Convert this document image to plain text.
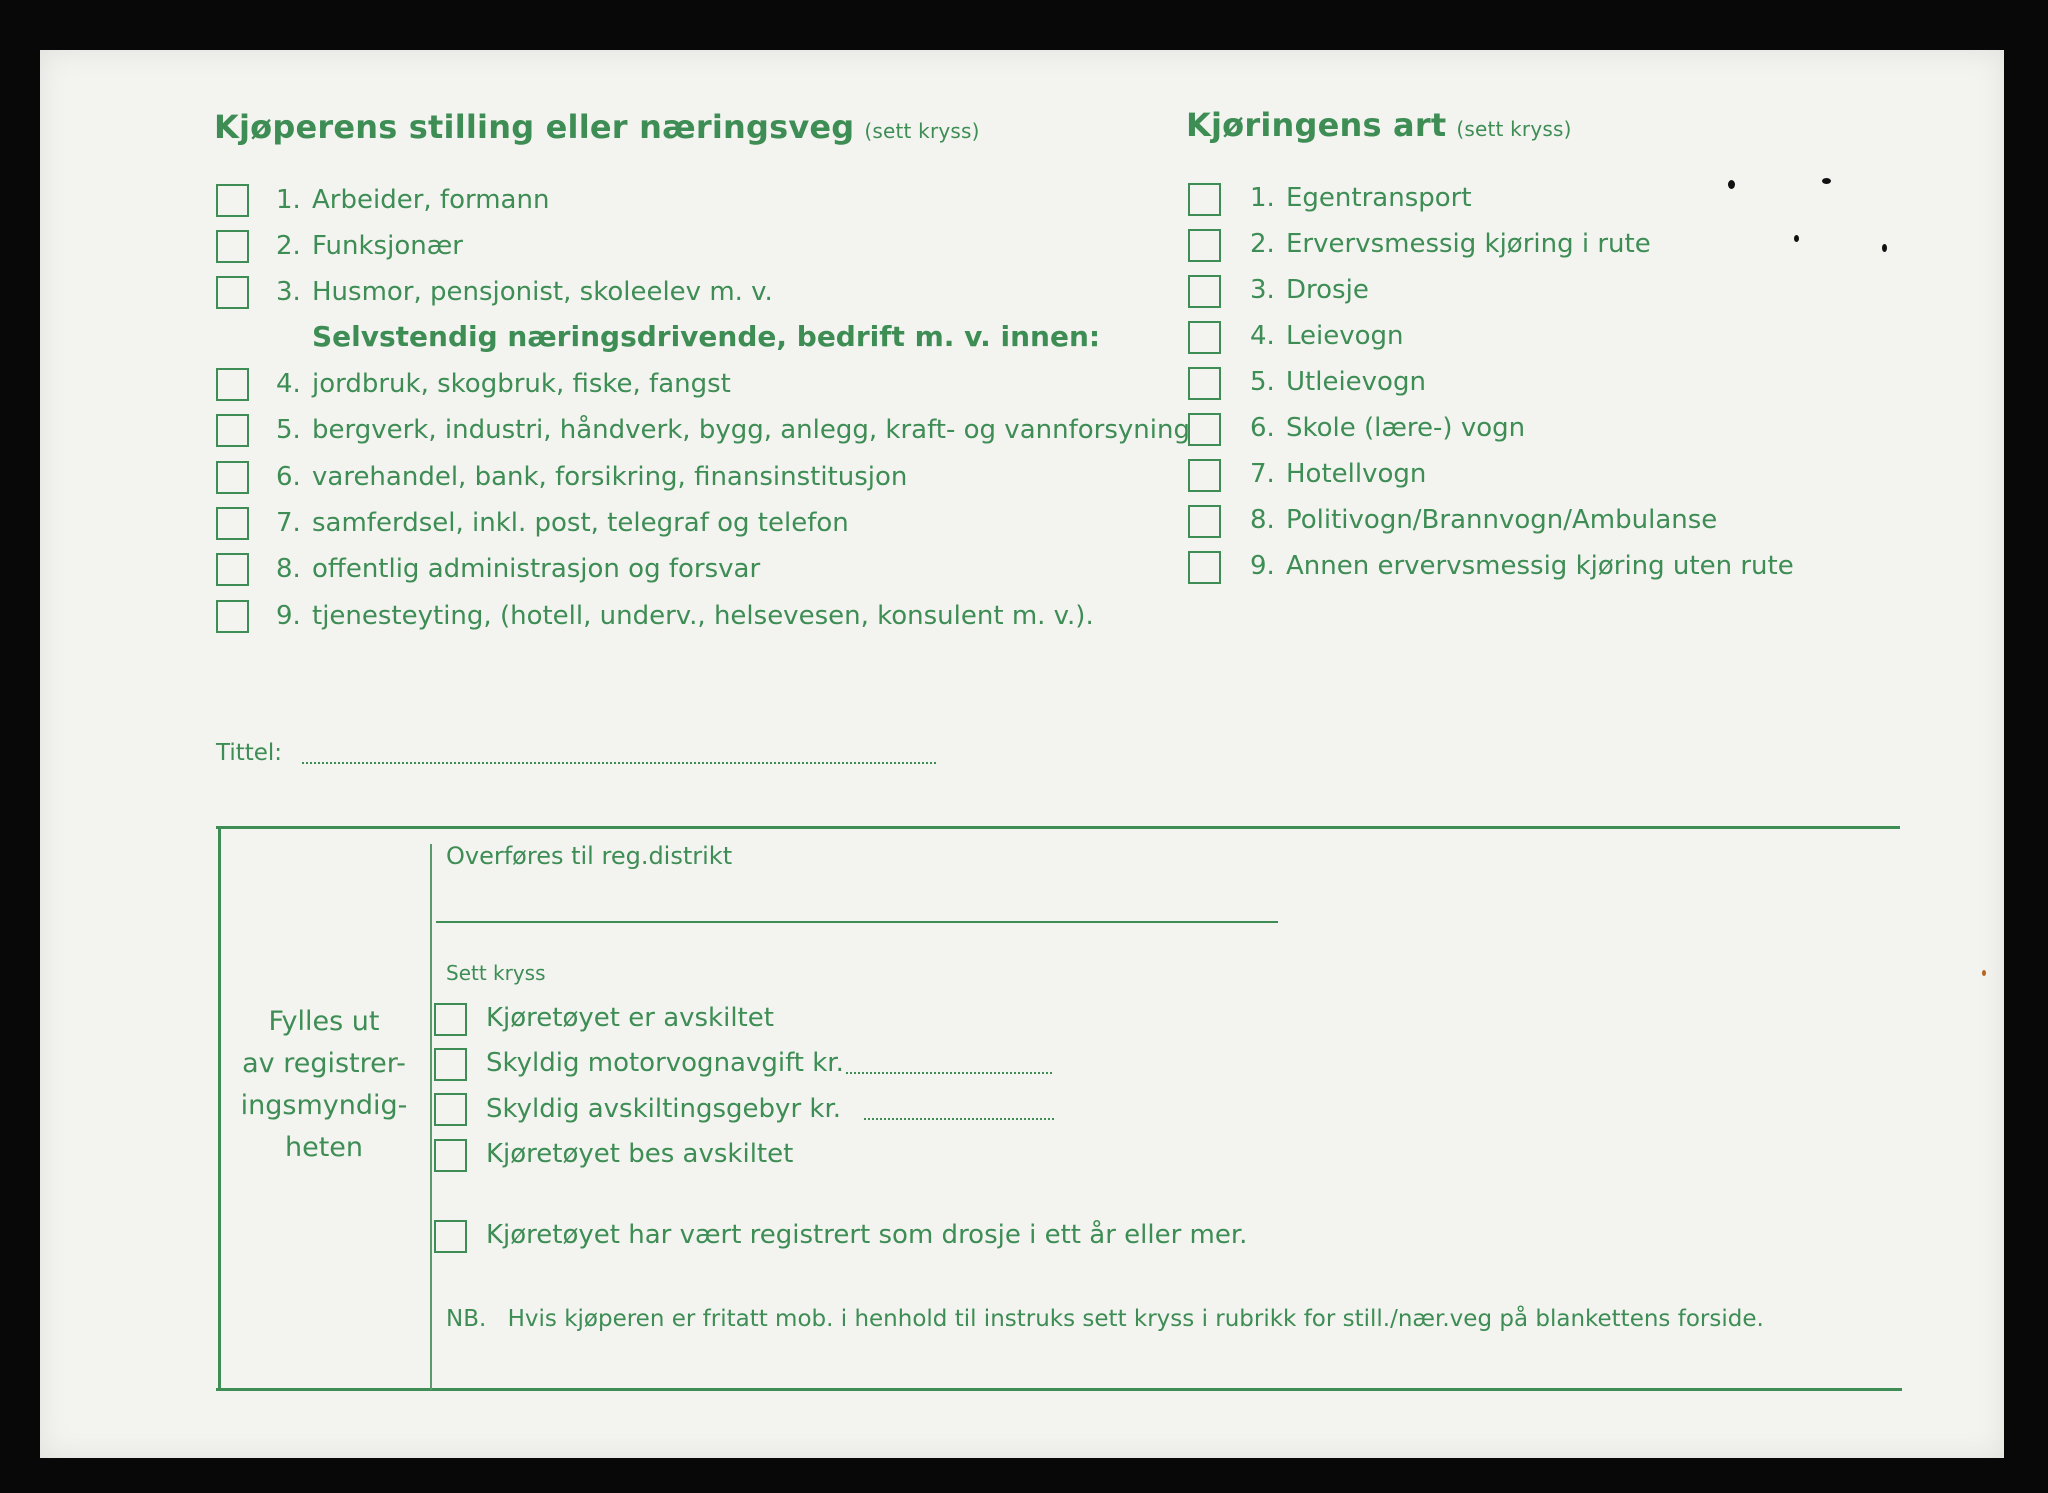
Kjøperens stilling eller næringsveg (sett kryss)
1. Arbeider, formann
2. Funksjonær
3. Husmor, pensjonist, skoleelev m. v.
Selvstendig næringsdrivende, bedrift m. v. innen:
4. jordbruk, skogbruk, fiske, fangst
5. bergverk, industri, håndverk, bygg, anlegg, kraft- og vannforsyning
6. varehandel, bank, forsikring, finansinstitusjon
7. samferdsel, inkl. post, telegraf og telefon
8. offentlig administrasjon og forsvar
9. tjenesteyting, (hotell, underv., helsevesen, konsulent m. v.).
Kjøringens art (sett kryss)
1. Egentransport
2. Ervervsmessig kjøring i rute
3. Drosje
4. Leievogn
5. Utleievogn
6. Skole (lære-) vogn
7. Hotellvogn
8. Politivogn/Brannvogn/Ambulanse
9. Annen ervervsmessig kjøring uten rute
Tittel:
Fylles ut
av registrer-
ingsmyndig-
heten
Overføres til reg.distrikt
Sett kryss
Kjøretøyet er avskiltet
Skyldig motorvognavgift kr.
Skyldig avskiltingsgebyr kr.
Kjøretøyet bes avskiltet
Kjøretøyet har vært registrert som drosje i ett år eller mer.
NB. Hvis kjøperen er fritatt mob. i henhold til instruks sett kryss i rubrikk for still./nær.veg på blankettens forside.
